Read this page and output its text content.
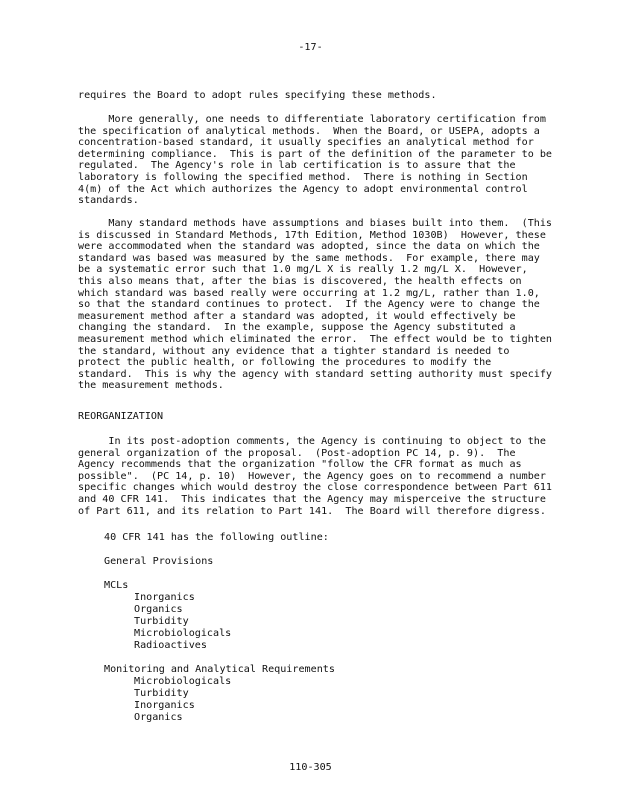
-17-
requires the Board to adopt rules specifying these methods.
More generally, one needs to differentiate laboratory certification from
the specification of analytical methods.  When the Board, or USEPA, adopts a
concentration-based standard, it usually specifies an analytical method for
determining compliance.  This is part of the definition of the parameter to be
regulated.  The Agency's role in lab certification is to assure that the
laboratory is following the specified method.  There is nothing in Section
4(m) of the Act which authorizes the Agency to adopt environmental control
standards.
Many standard methods have assumptions and biases built into them.  (This
is discussed in Standard Methods, 17th Edition, Method 1030B)  However, these
were accommodated when the standard was adopted, since the data on which the
standard was based was measured by the same methods.  For example, there may
be a systematic error such that 1.0 mg/L X is really 1.2 mg/L X.  However,
this also means that, after the bias is discovered, the health effects on
which standard was based really were occurring at 1.2 mg/L, rather than 1.0,
so that the standard continues to protect.  If the Agency were to change the
measurement method after a standard was adopted, it would effectively be
changing the standard.  In the example, suppose the Agency substituted a
measurement method which eliminated the error.  The effect would be to tighten
the standard, without any evidence that a tighter standard is needed to
protect the public health, or following the procedures to modify the
standard.  This is why the agency with standard setting authority must specify
the measurement methods.
REORGANIZATION
In its post-adoption comments, the Agency is continuing to object to the
general organization of the proposal.  (Post-adoption PC 14, p. 9).  The
Agency recommends that the organization "follow the CFR format as much as
possible".  (PC 14, p. 10)  However, the Agency goes on to recommend a number
specific changes which would destroy the close correspondence between Part 611
and 40 CFR 141.  This indicates that the Agency may misperceive the structure
of Part 611, and its relation to Part 141.  The Board will therefore digress.
40 CFR 141 has the following outline:
General Provisions
MCLs
Inorganics
Organics
Turbidity
Microbiologicals
Radioactives
Monitoring and Analytical Requirements
Microbiologicals
Turbidity
Inorganics
Organics
110-305
